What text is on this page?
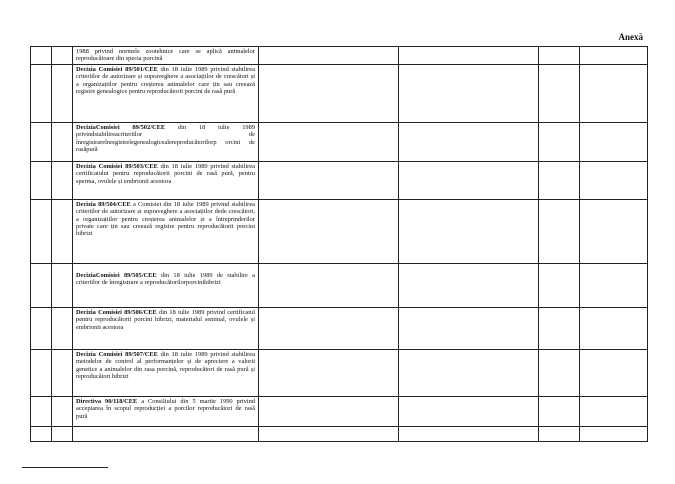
Anexă

		1988 privind normele zootehnice care se aplică animalelor reproducătoare din specia porcină				

		Decizia Comisiei 89/501/CEE din 18 iulie 1989 privind stabilirea criteriilor de autorizare și supraveghere a asociațiilor de crescători și a organizațiilor pentru creșterea animalelor care țin sau creează registre genealogice pentru reproducătorii porcini de rasă pură				

		DeciziaComisiei 89/502/CEE din 18 iulie 1989 privindstabilireacriteriilor de înregistrareînregistrelegenealogicealereproducătorilorp orcini de rasăpură				

		Decizia Comisiei 89/503/CEE din 18 iulie 1989 privind stabilirea certificatului pentru reproducătorii porcini de rasă pură, pentru sperma, ovulele și embrionii acestora				

		Decizia 89/504/CEE a Comisiei din 18 iulie 1989 privind stabilirea criteriilor de autorizare și supraveghere a asociațiilor dede crescători, a organizațiilor pentru creșterea animalelor și a întreprinderilor private care țin sau creează registre pentru reproducătorii porcini hibrizi				

		DeciziaComisiei 89/505/CEE din 18 iulie 1989 de stabilire a criteriilor de înregistrare a reproducătorilorporcinihibrizi				

		Decizia Comisiei 89/506/CEE din 18 iulie 1989 privind certificatul pentru reproducătorii porcini hibrizi, materialul seminal, ovulele și embrionii acestora				

		Decizia Comisiei 89/507/CEE din 18 iulie 1989 privind stabilirea metodelor de control al performanțelor și de apreciere a valorii genetice a animalelor din rasa porcină, reproducători de rasă pură și reproducători hibrizi				

		Directiva 90/118/CEE a Consiliului din 5 martie 1990 privind acceptarea în scopul reproducției a porcilor reproducători de rasă pură				
